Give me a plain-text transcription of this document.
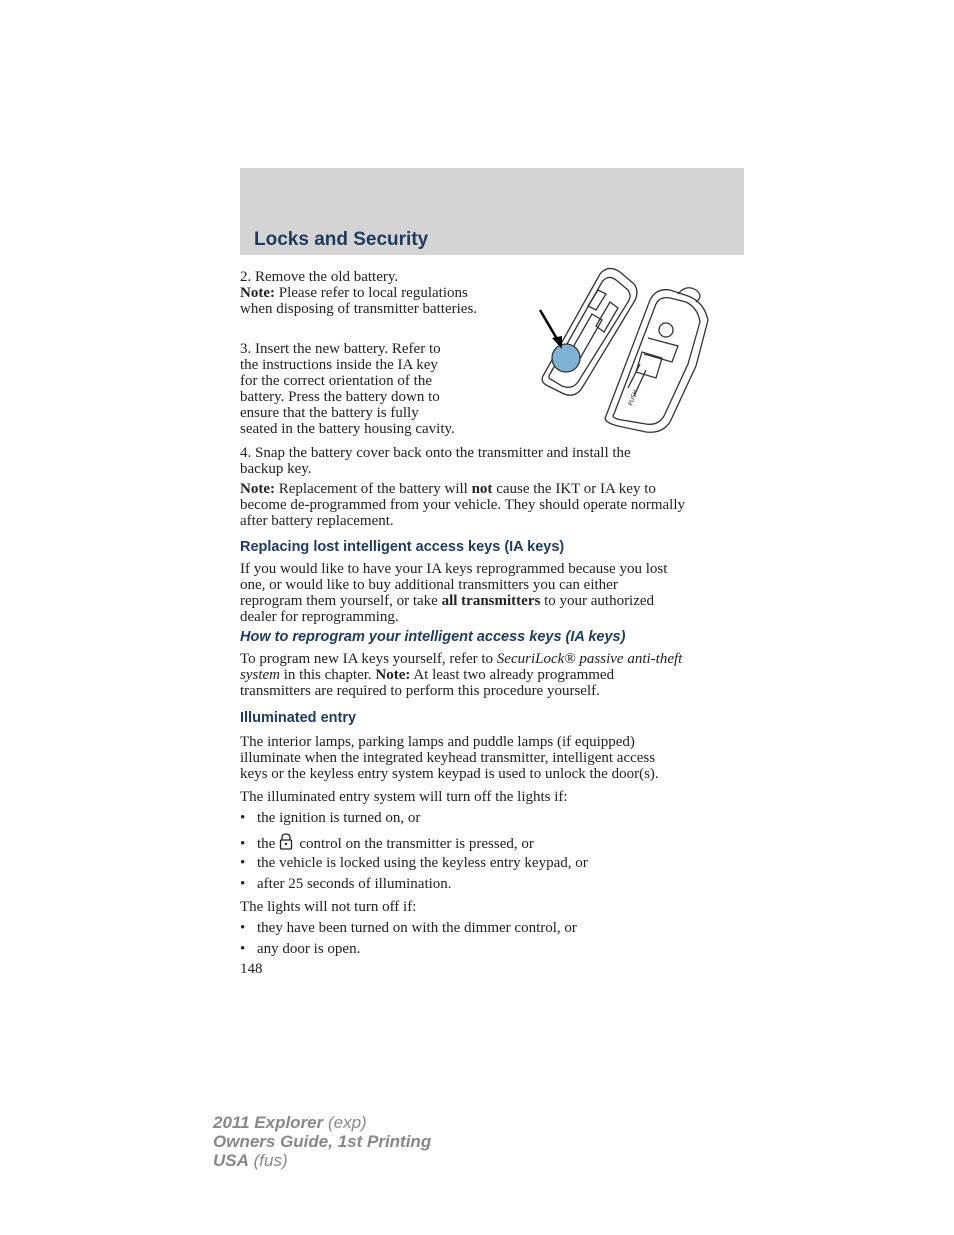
Locks and Security

2. Remove the old battery.
Note: Please refer to local regulations when disposing of transmitter batteries.

3. Insert the new battery. Refer to
the instructions inside the IA key
for the correct orientation of the
battery. Press the battery down to
ensure that the battery is fully
seated in the battery housing cavity.

PUSH

4. Snap the battery cover back onto the transmitter and install the
backup key.

Note: Replacement of the battery will not cause the IKT or IA key to
become de-programmed from your vehicle. They should operate normally
after battery replacement.

Replacing lost intelligent access keys (IA keys)

If you would like to have your IA keys reprogrammed because you lost
one, or would like to buy additional transmitters you can either
reprogram them yourself, or take all transmitters to your authorized
dealer for reprogramming.

How to reprogram your intelligent access keys (IA keys)

To program new IA keys yourself, refer to SecuriLock® passive anti-theft
system in this chapter. Note: At least two already programmed
transmitters are required to perform this procedure yourself.

Illuminated entry

The interior lamps, parking lamps and puddle lamps (if equipped)
illuminate when the integrated keyhead transmitter, intelligent access
keys or the keyless entry system keypad is used to unlock the door(s).

The illuminated entry system will turn off the lights if:

• the ignition is turned on, or

• the control on the transmitter is pressed, or

• the vehicle is locked using the keyless entry keypad, or

• after 25 seconds of illumination.

The lights will not turn off if:

• they have been turned on with the dimmer control, or

• any door is open.

148

2011 Explorer (exp)
Owners Guide, 1st Printing
USA (fus)
